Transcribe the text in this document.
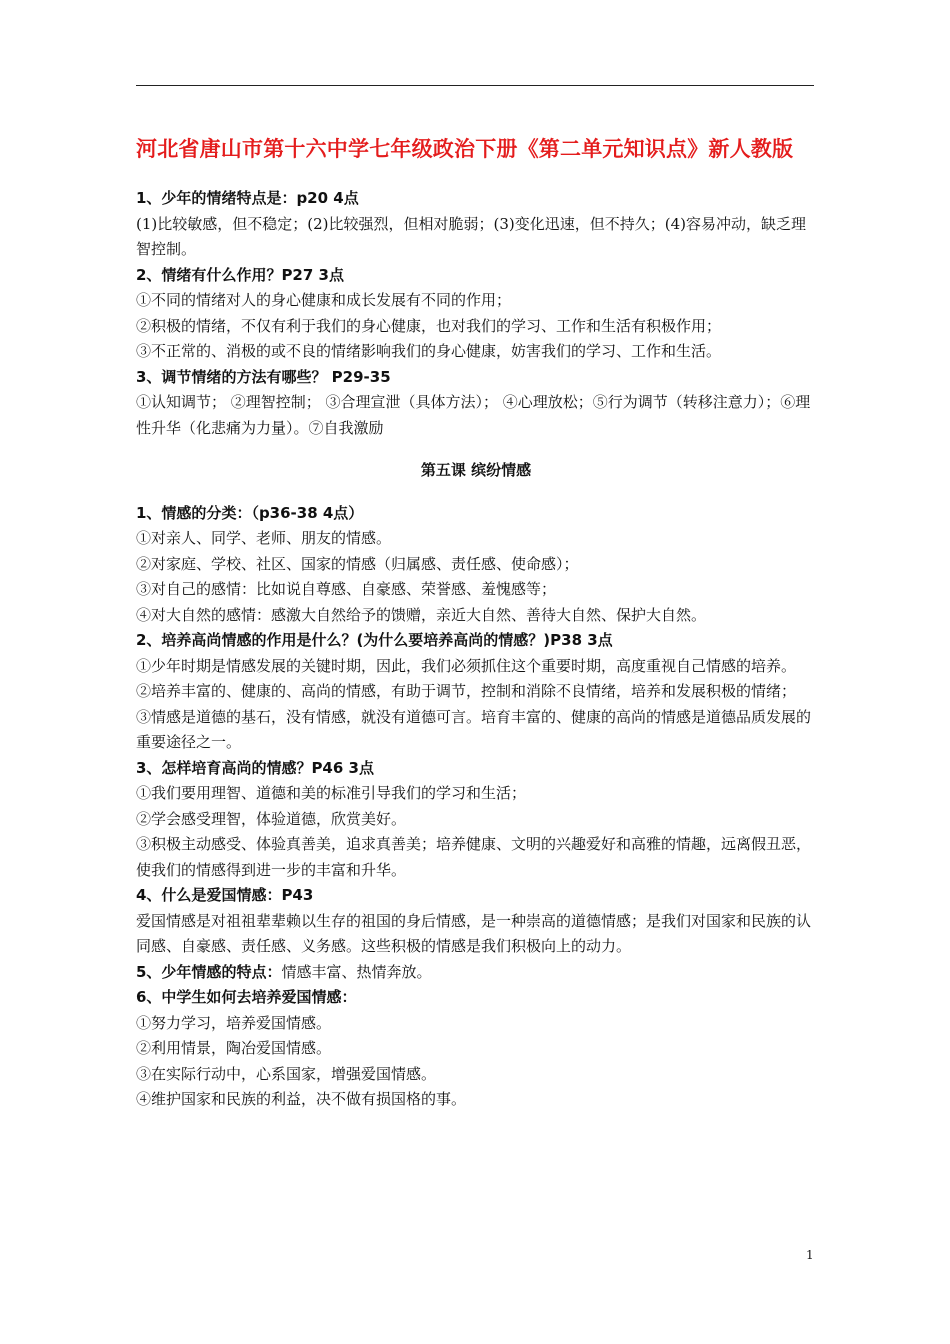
河北省唐山市第十六中学七年级政治下册《第二单元知识点》新人教版

1、少年的情绪特点是：p20 4点

(1)比较敏感，但不稳定；(2)比较强烈，但相对脆弱；(3)变化迅速，但不持久；(4)容易冲动，缺乏理智控制。

2、情绪有什么作用？P27 3点

①不同的情绪对人的身心健康和成长发展有不同的作用；

②积极的情绪，不仅有利于我们的身心健康，也对我们的学习、工作和生活有积极作用；

③不正常的、消极的或不良的情绪影响我们的身心健康，妨害我们的学习、工作和生活。

3、调节情绪的方法有哪些？ P29-35

①认知调节； ②理智控制； ③合理宣泄（具体方法）； ④心理放松；⑤行为调节（转移注意力）；⑥理性升华（化悲痛为力量）。⑦自我激励

第五课 缤纷情感

1、情感的分类：（p36-38 4点）

①对亲人、同学、老师、朋友的情感。

②对家庭、学校、社区、国家的情感（归属感、责任感、使命感）；

③对自己的感情：比如说自尊感、自豪感、荣誉感、羞愧感等；

④对大自然的感情：感激大自然给予的馈赠，亲近大自然、善待大自然、保护大自然。

2、培养高尚情感的作用是什么？(为什么要培养高尚的情感？)P38 3点

①少年时期是情感发展的关键时期，因此，我们必须抓住这个重要时期，高度重视自己情感的培养。

②培养丰富的、健康的、高尚的情感，有助于调节，控制和消除不良情绪，培养和发展积极的情绪；

③情感是道德的基石，没有情感，就没有道德可言。培育丰富的、健康的高尚的情感是道德品质发展的重要途径之一。

3、怎样培育高尚的情感？P46 3点

①我们要用理智、道德和美的标准引导我们的学习和生活；

②学会感受理智，体验道德，欣赏美好。

③积极主动感受、体验真善美，追求真善美；培养健康、文明的兴趣爱好和高雅的情趣，远离假丑恶，使我们的情感得到进一步的丰富和升华。

4、什么是爱国情感：P43

爱国情感是对祖祖辈辈赖以生存的祖国的身后情感，是一种崇高的道德情感；是我们对国家和民族的认同感、自豪感、责任感、义务感。这些积极的情感是我们积极向上的动力。

5、少年情感的特点：情感丰富、热情奔放。

6、中学生如何去培养爱国情感：

①努力学习，培养爱国情感。

②利用情景，陶冶爱国情感。

③在实际行动中，心系国家，增强爱国情感。

④维护国家和民族的利益，决不做有损国格的事。

1
